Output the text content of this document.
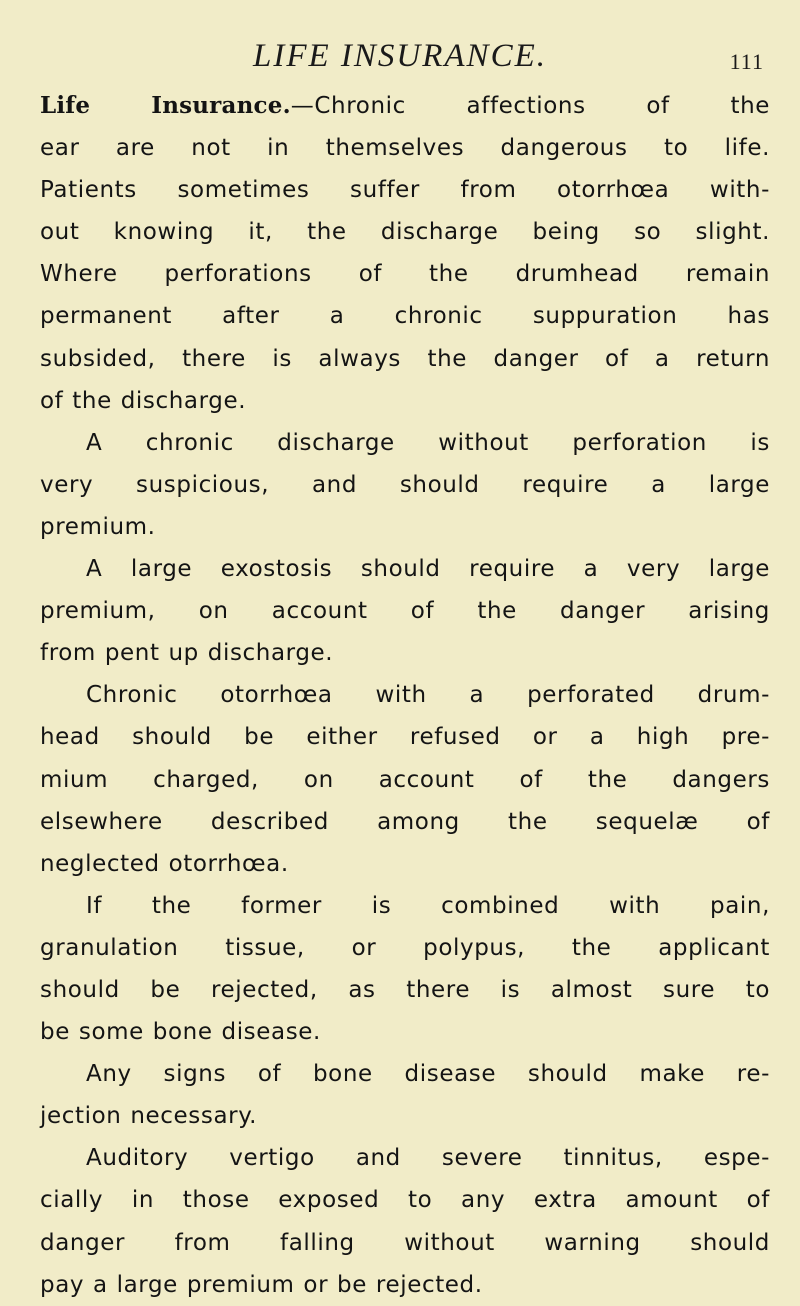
LIFE INSURANCE.	111
Life Insurance.—Chronic affections of the
ear are not in themselves dangerous to life.
Patients sometimes suffer from otorrhœa with-
out knowing it, the discharge being so slight.
Where perforations of the drumhead remain
permanent after a chronic suppuration has
subsided, there is always the danger of a return
of the discharge.
A chronic discharge without perforation is
very suspicious, and should require a large
premium.
A large exostosis should require a very large
premium, on account of the danger arising
from pent up discharge.
Chronic otorrhœa with a perforated drum-
head should be either refused or a high pre-
mium charged, on account of the dangers
elsewhere described among the sequelæ of
neglected otorrhœa.
If the former is combined with pain,
granulation tissue, or polypus, the applicant
should be rejected, as there is almost sure to
be some bone disease.
Any signs of bone disease should make re-
jection necessary.
Auditory vertigo and severe tinnitus, espe-
cially in those exposed to any extra amount of
danger from falling without warning should
pay a large premium or be rejected.
